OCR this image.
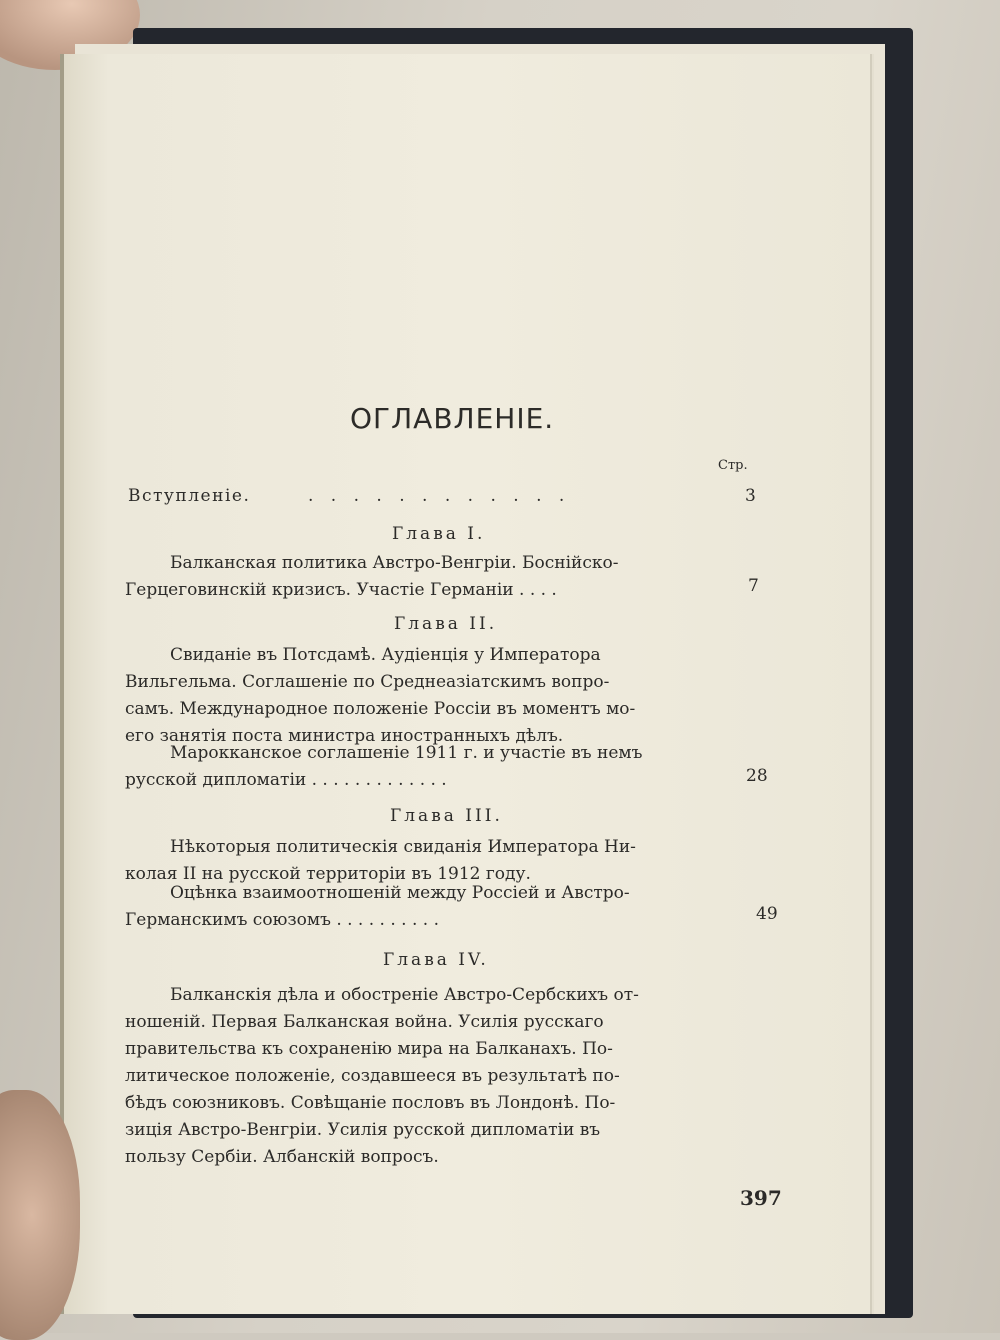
ОГЛАВЛЕНІЕ.
Стр.
Вступленіе.	. . . . . . . . . . . .	3
Глава I.
Балканская политика Австро-Венгріи. Боснійско-
Герцеговинскій кризисъ. Участіе Германіи . . . .	7
Глава II.
Свиданіе въ Потсдамѣ. Аудіенція у Императора
Вильгельма. Соглашеніе по Среднеазіатскимъ вопро-
самъ. Международное положеніе Россіи въ моментъ мо-
его занятія поста министра иностранныхъ дѣлъ.
Марокканское соглашеніе 1911 г. и участіе въ немъ
русской дипломатіи . . . . . . . . . . . . .	28
Глава III.
Нѣкоторыя политическія свиданія Императора Ни-
колая II на русской территоріи въ 1912 году.
Оцѣнка взаимоотношеній между Россіей и Австро-
Германскимъ союзомъ . . . . . . . . . .	49
Глава IV.
Балканскія дѣла и обостреніе Австро-Сербскихъ от-
ношеній. Первая Балканская война. Усилія русскаго
правительства къ сохраненію мира на Балканахъ. По-
литическое положеніе, создавшееся въ результатѣ по-
бѣдъ союзниковъ. Совѣщаніе пословъ въ Лондонѣ. По-
зиція Австро-Венгріи. Усилія русской дипломатіи въ
пользу Сербіи. Албанскій вопросъ.
397
